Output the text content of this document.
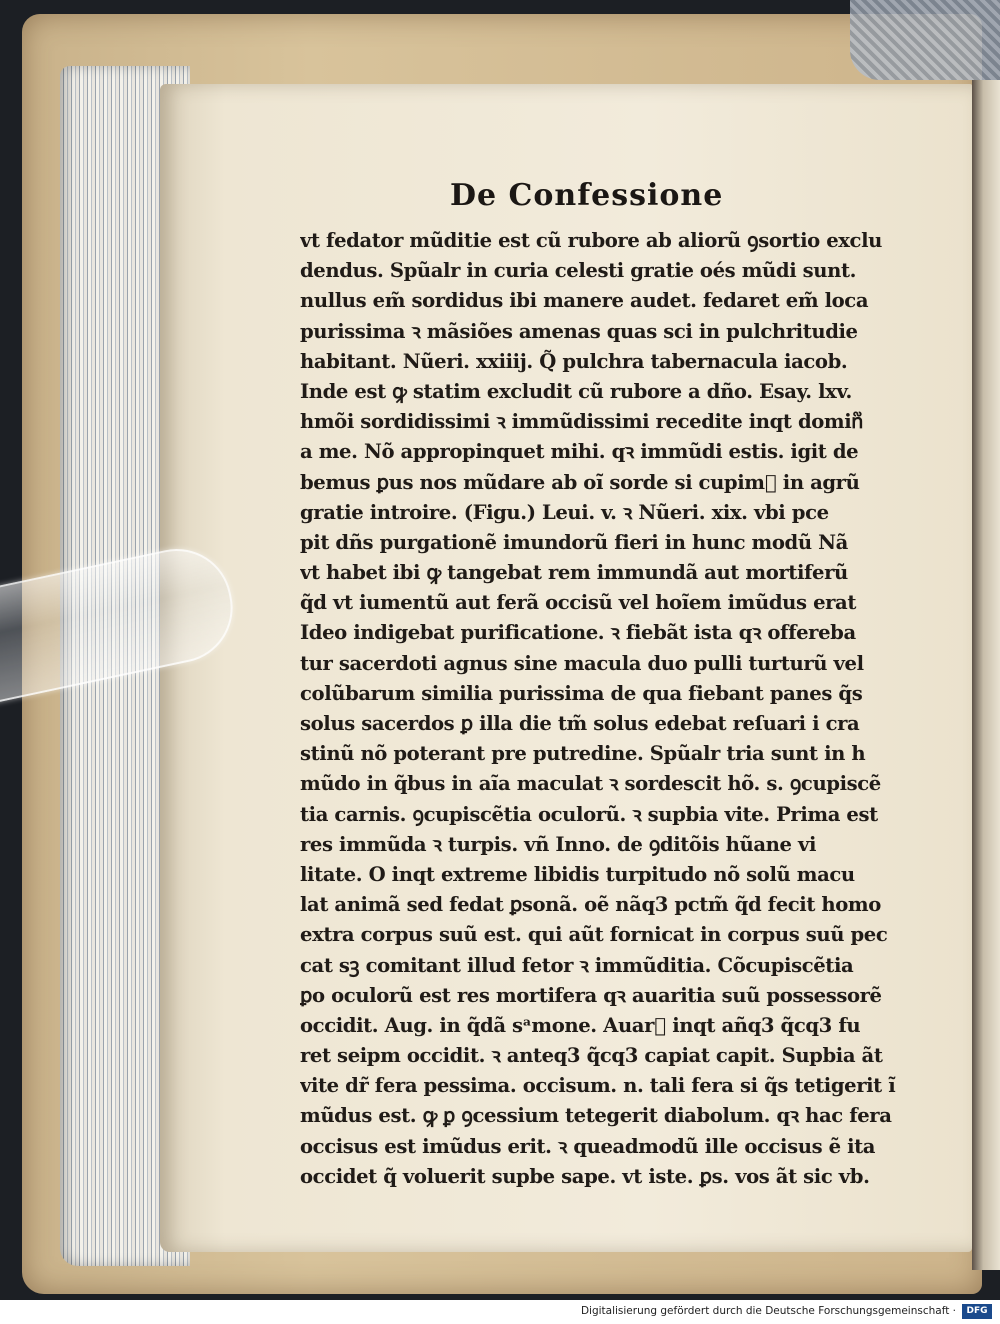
De Confessione
vt fedator mũditie est cũ rubore ab aliorũ ꝯsortio exclu
dendus. Spũalr in curia celesti gratie oés mũdi sunt.
nullus em̃ sordidus ibi manere audet. fedaret em̃ loca
purissima ꝛ mãsiões amenas quas sci in pulchritudie
habitant. Nũeri. xxiiij. Q̃ pulchra tabernacula iacob.
Inde est ꝙ statim excludit cũ rubore a dño. Esay. lxv.
hmõi sordidissimi ꝛ immũdissimi recedite inqt domin᷑
a me. Nõ appropinquet mihi. qꝛ immũdi estis. igit de
bemus ꝑus nos mũdare ab oĩ sorde si cupim᷑ in agrũ
gratie introire. (Figu.) Leui. v. ꝛ Nũeri. xix. vbi pce
pit dñs purgationẽ imundorũ fieri in hunc modũ Nã
vt habet ibi ꝙ tangebat rem immundã aut mortiferũ
q̃d vt iumentũ aut ferã occisũ vel hoĩem imũdus erat
Ideo indigebat purificatione. ꝛ fiebãt ista qꝛ offereba
tur sacerdoti agnus sine macula duo pulli turturũ vel
colũbarum similia purissima de qua fiebant panes q̃s
solus sacerdos ꝑ illa die tm̃ solus edebat reſuari i cra
stinũ nõ poterant pre putredine. Spũalr tria sunt in h
mũdo in q̃bus in aĩa maculat ꝛ sordescit hõ. s. ꝯcupiscẽ
tia carnis. ꝯcupiscẽtia oculorũ. ꝛ supbia vite. Prima est
res immũda ꝛ turpis. vñ Inno. de ꝯditõis hũane vi
litate. O inqt extreme libidis turpitudo nõ solũ macu
lat animã sed fedat ꝑsonã. oẽ nãq3 pctm̃ q̃d fecit homo
extra corpus suũ est. qui aũt fornicat in corpus suũ pec
cat sꝫ comitant illud fetor ꝛ immũditia. Cõcupiscẽtia
ꝑo oculorũ est res mortifera qꝛ auaritia suũ possessorẽ
occidit. Aug. in q̃dã sᵃmone. Auar᷑ inqt añq3 q̃cq3 fu
ret seipm occidit. ꝛ anteq3 q̃cq3 capiat capit. Supbia ãt
vite dr̃ fera pessima. occisum. n. tali fera si q̃s tetigerit ĩ
mũdus est. ꝙ ꝑ ꝯcessium tetegerit diabolum. qꝛ hac fera
occisus est imũdus erit. ꝛ queadmodũ ille occisus ẽ ita
occidet q̃ voluerit supbe sape. vt iste. ꝑs. vos ãt sic vb.
Digitalisierung gefördert durch die Deutsche Forschungsgemeinschaft ·	DFG
